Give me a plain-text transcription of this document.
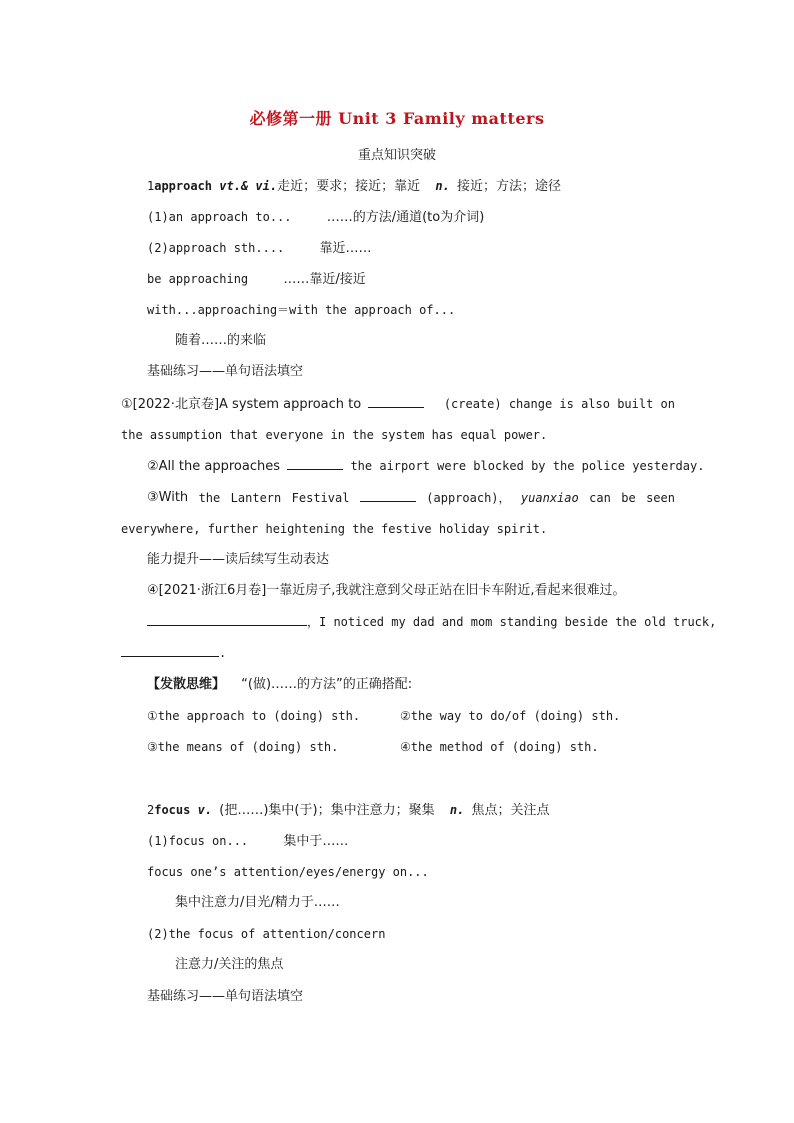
必修第一册 Unit 3 Family matters
重点知识突破
1approach vt.& vi.走近；要求；接近；靠近 n. 接近；方法；途径
(1)an approach to...	……的方法/通道(to为介词)
(2)approach sth....	靠近……
be approaching	……靠近/接近
with...approaching＝with the approach of...
随着……的来临
基础练习——单句语法填空
①[2022·北京卷]A system approach to	(create) change is also built on
the assumption that everyone in the system has equal power.
②All the approaches	the airport were blocked by the police yesterday.
③With the Lantern Festival	(approach)， yuanxiao can be seen
everywhere, further heightening the festive holiday spirit.
能力提升——读后续写生动表达
④[2021·浙江6月卷]一靠近房子,我就注意到父母正站在旧卡车附近,看起来很难过。
，I noticed my dad and mom standing beside the old truck,
.
【发散思维】 “(做)……的方法”的正确搭配:
①the approach to (doing) sth.	②the way to do/of (doing) sth.
③the means of (doing) sth.	④the method of (doing) sth.
2focus v. (把……)集中(于)；集中注意力；聚集 n. 焦点；关注点
(1)focus on...	集中于……
focus one’s attention/eyes/energy on...
集中注意力/目光/精力于……
(2)the focus of attention/concern
注意力/关注的焦点
基础练习——单句语法填空
